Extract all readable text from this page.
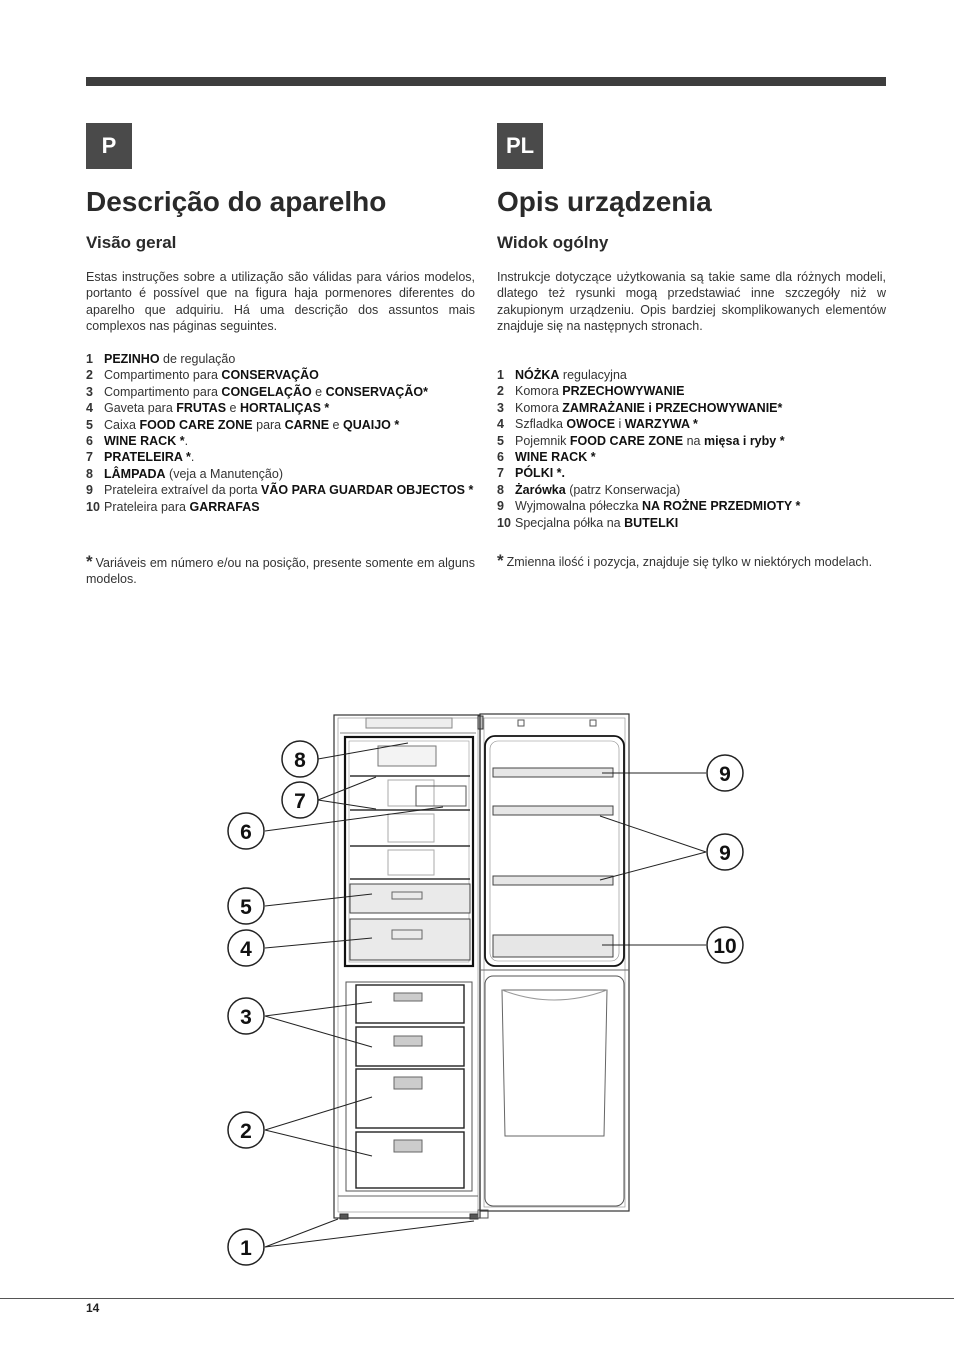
P
Descrição do aparelho
Visão geral

Estas instruções sobre a utilização são válidas para vários modelos, portanto é possível que na figura haja pormenores diferentes do aparelho que adquiriu. Há uma descrição dos assuntos mais complexos nas páginas seguintes.

1 PEZINHO de regulação
2 Compartimento para CONSERVAÇÃO
3 Compartimento para CONGELAÇÃO e CONSERVAÇÃO*
4 Gaveta para FRUTAS e HORTALIÇAS *
5 Caixa FOOD CARE ZONE para CARNE e QUAIJO *
6 WINE RACK *.
7 PRATELEIRA *.
8 LÂMPADA (veja a Manutenção)
9 Prateleira extraível da porta VÃO PARA GUARDAR OBJECTOS *
10 Prateleira para GARRAFAS

* Variáveis em número e/ou na posição, presente somente em alguns modelos.

PL
Opis urządzenia
Widok ogólny

Instrukcje dotyczące użytkowania są takie same dla różnych modeli, dlatego też rysunki mogą przedstawiać inne szczegóły niż w zakupionym urządzeniu. Opis bardziej skomplikowanych elementów znajduje się na następnych stronach.

1 NÓŻKA regulacyjna
2 Komora PRZECHOWYWANIE
3 Komora ZAMRAŻANIE i PRZECHOWYWANIE*
4 Szfladka OWOCE i WARZYWA *
5 Pojemnik FOOD CARE ZONE na mięsa i ryby *
6 WINE RACK *
7 PÓLKI *.
8 Żarówka (patrz Konserwacja)
9 Wyjmowalna półeczka NA ROŻNE PRZEDMIOTY *
10 Specjalna półka na BUTELKI

* Zmienna ilość i pozycja, znajduje się tylko w niektórych modelach.

8
7
6
5
4
3
2
1
9
9
10
14
